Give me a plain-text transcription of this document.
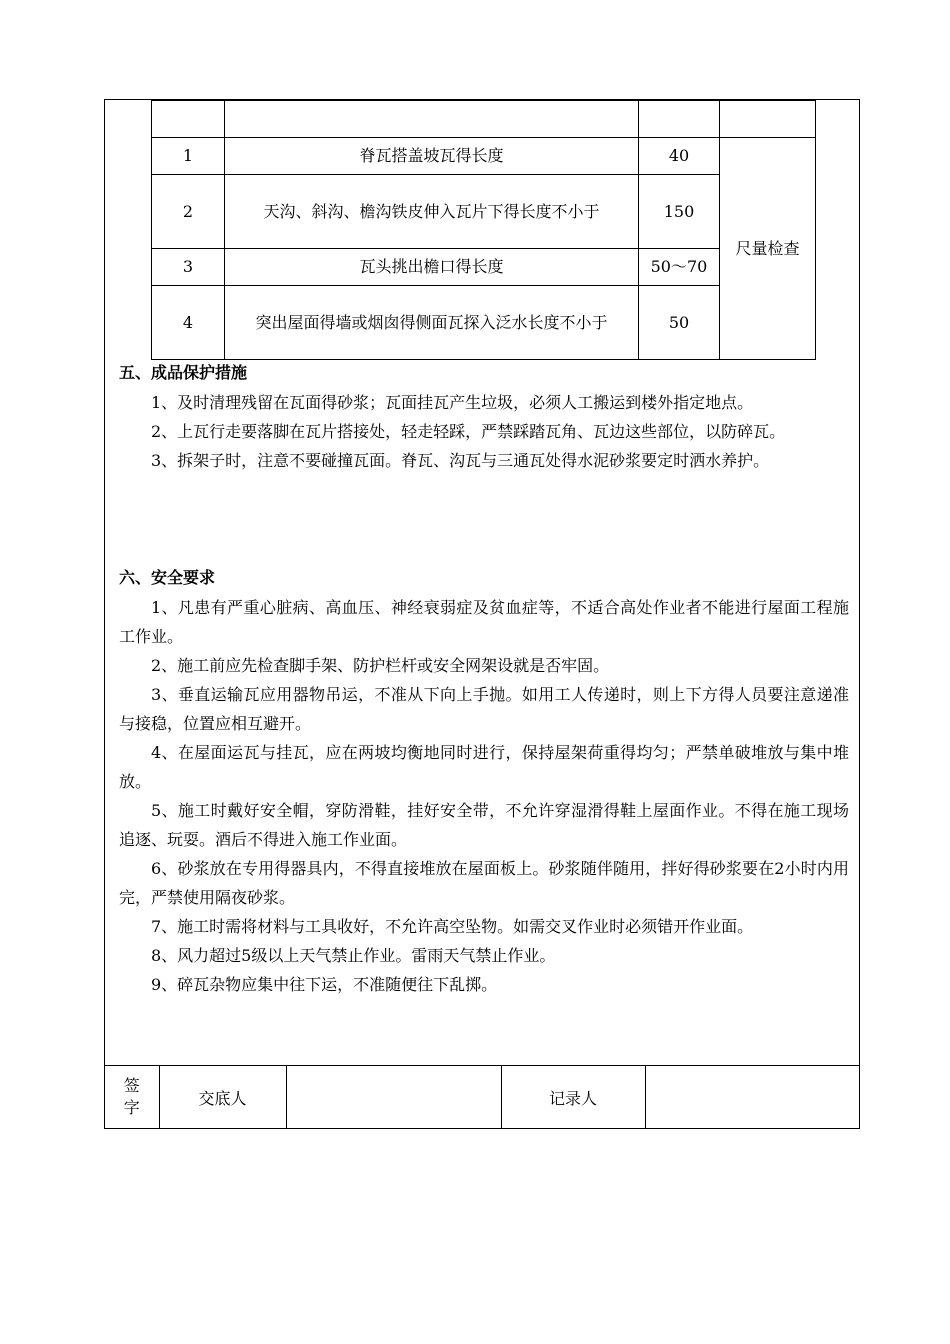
1	脊瓦搭盖坡瓦得长度	40	尺量检查
2	天沟、斜沟、檐沟铁皮伸入瓦片下得长度不小于	150	
3	瓦头挑出檐口得长度	50～70	
4	突出屋面得墙或烟囱得侧面瓦探入泛水长度不小于	50	
五、成品保护措施
1、及时清理残留在瓦面得砂浆；瓦面挂瓦产生垃圾，必须人工搬运到楼外指定地点。
2、上瓦行走要落脚在瓦片搭接处，轻走轻踩，严禁踩踏瓦角、瓦边这些部位，以防碎瓦。
3、拆架子时，注意不要碰撞瓦面。脊瓦、沟瓦与三通瓦处得水泥砂浆要定时洒水养护。
六、安全要求
1、凡患有严重心脏病、高血压、神经衰弱症及贫血症等，不适合高处作业者不能进行屋面工程施工作业。
2、施工前应先检查脚手架、防护栏杆或安全网架设就是否牢固。
3、垂直运输瓦应用器物吊运，不准从下向上手抛。如用工人传递时，则上下方得人员要注意递准与接稳，位置应相互避开。
4、在屋面运瓦与挂瓦，应在两坡均衡地同时进行，保持屋架荷重得均匀；严禁单破堆放与集中堆放。
5、施工时戴好安全帽，穿防滑鞋，挂好安全带，不允许穿湿滑得鞋上屋面作业。不得在施工现场追逐、玩耍。酒后不得进入施工作业面。
6、砂浆放在专用得器具内，不得直接堆放在屋面板上。砂浆随伴随用，拌好得砂浆要在2小时内用完，严禁使用隔夜砂浆。
7、施工时需将材料与工具收好，不允许高空坠物。如需交叉作业时必须错开作业面。
8、风力超过5级以上天气禁止作业。雷雨天气禁止作业。
9、碎瓦杂物应集中往下运，不准随便往下乱掷。
签
字	交底人		记录人	
